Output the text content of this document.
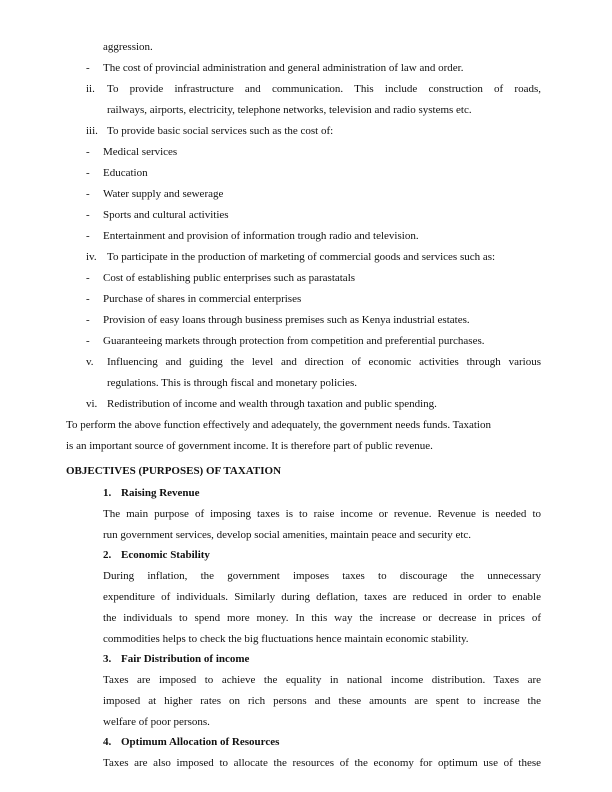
aggression.
- The cost of provincial administration and general administration of law and order.
ii. To provide infrastructure and communication. This include construction of roads,
railways, airports, electricity, telephone networks, television and radio systems etc.
iii. To provide basic social services such as the cost of:
- Medical services
- Education
- Water supply and sewerage
- Sports and cultural activities
- Entertainment and provision of information trough radio and television.
iv. To participate in the production of marketing of commercial goods and services such as:
- Cost of establishing public enterprises such as parastatals
- Purchase of shares in commercial enterprises
- Provision of easy loans through business premises such as Kenya industrial estates.
- Guaranteeing markets through protection from competition and preferential purchases.
v. Influencing and guiding the level and direction of economic activities through various
regulations. This is through fiscal and monetary policies.
vi. Redistribution of income and wealth through taxation and public spending.
To perform the above function effectively and adequately, the government needs funds. Taxation
is an important source of government income. It is therefore part of public revenue.
OBJECTIVES (PURPOSES) OF TAXATION
1. Raising Revenue
The main purpose of imposing taxes is to raise income or revenue. Revenue is needed to
run government services, develop social amenities, maintain peace and security etc.
2. Economic Stability
During inflation, the government imposes taxes to discourage the unnecessary
expenditure of individuals. Similarly during deflation, taxes are reduced in order to enable
the individuals to spend more money. In this way the increase or decrease in prices of
commodities helps to check the big fluctuations hence maintain economic stability.
3. Fair Distribution of income
Taxes are imposed to achieve the equality in national income distribution. Taxes are
imposed at higher rates on rich persons and these amounts are spent to increase the
welfare of poor persons.
4. Optimum Allocation of Resources
Taxes are also imposed to allocate the resources of the economy for optimum use of these
